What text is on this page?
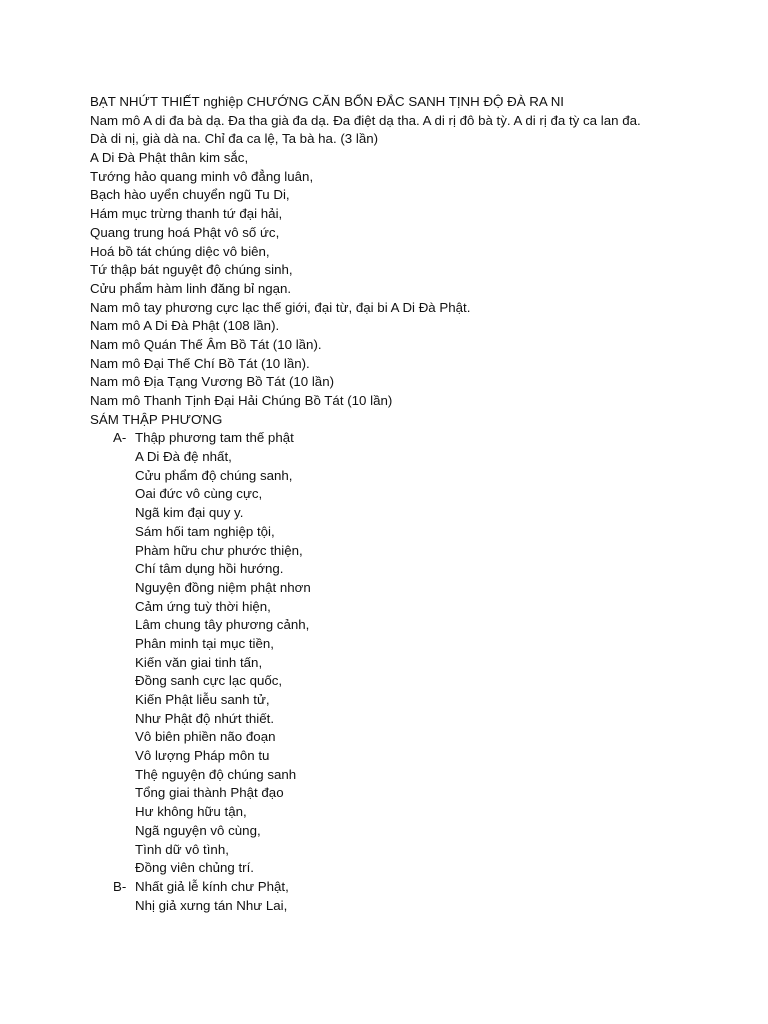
BẠT NHỨT THIẾT nghiệp CHƯỚNG CĂN BỔN ĐẮC SANH TỊNH ĐỘ ĐÀ RA NI
Nam mô A di đa bà dạ. Đa tha già đa dạ. Đa điệt dạ tha. A di rị đô bà tỳ. A di rị đa tỳ ca lan đa.
Dà di nị, già dà na. Chỉ đa ca lệ, Ta bà ha. (3 lần)
A Di Đà Phật thân kim sắc,
Tướng hảo quang minh vô đẳng luân,
Bạch hào uyển chuyển ngũ Tu Di,
Hám mục trừng thanh tứ đại hải,
Quang trung hoá Phật vô số ức,
Hoá bồ tát chúng diệc vô biên,
Tứ thập bát nguyệt độ chúng sinh,
Cửu phẩm hàm linh đăng bỉ ngạn.
Nam mô tay phương cực lạc thế giới, đại từ, đại bi A Di Đà Phật.
Nam mô A Di Đà Phật (108 lần).
Nam mô Quán Thế Âm Bồ Tát (10 lần).
Nam mô Đại Thế Chí Bồ Tát (10 lần).
Nam mô Địa Tạng Vương Bồ Tát (10 lần)
Nam mô Thanh Tịnh Đại Hải Chúng Bồ Tát (10 lần)
SÁM THẬP PHƯƠNG
A- Thập phương tam thế phật
A Di Đà đệ nhất,
Cửu phẩm độ chúng sanh,
Oai đức vô cùng cực,
Ngã kim đại quy y.
Sám hối tam nghiệp tội,
Phàm hữu chư phước thiện,
Chí tâm dụng hồi hướng.
Nguyện đồng niệm phật nhơn
Cảm ứng tuỳ thời hiện,
Lâm chung tây phương cảnh,
Phân minh tại mục tiền,
Kiến văn giai tinh tấn,
Đồng sanh cực lạc quốc,
Kiến Phật liễu sanh tử,
Như Phật độ nhứt thiết.
Vô biên phiền não đoạn
Vô lượng Pháp môn tu
Thệ nguyện độ chúng sanh
Tổng giai thành Phật đạo
Hư không hữu tận,
Ngã nguyện vô cùng,
Tình dữ vô tình,
Đồng viên chủng trí.
B- Nhất giả lễ kính chư Phật,
Nhị giả xưng tán Như Lai,
